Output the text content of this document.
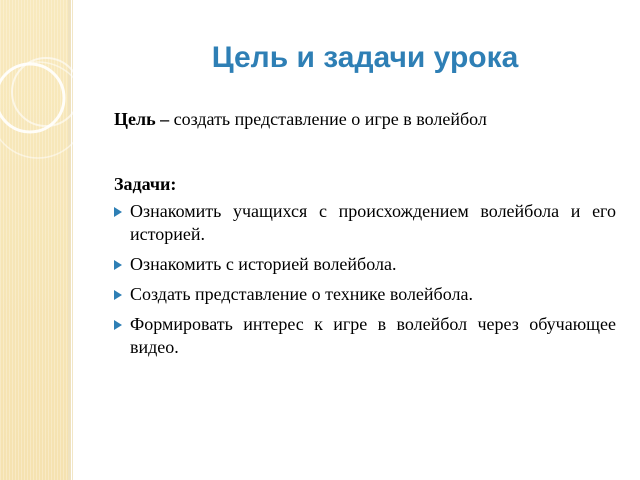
Цель и задачи урока

Цель – создать представление о игре в волейбол

Задачи:

Ознакомить учащихся с происхождением волейбола и его историей.
Ознакомить с историей волейбола.
Создать представление о технике волейбола.
Формировать интерес к игре в волейбол через обучающее видео.
